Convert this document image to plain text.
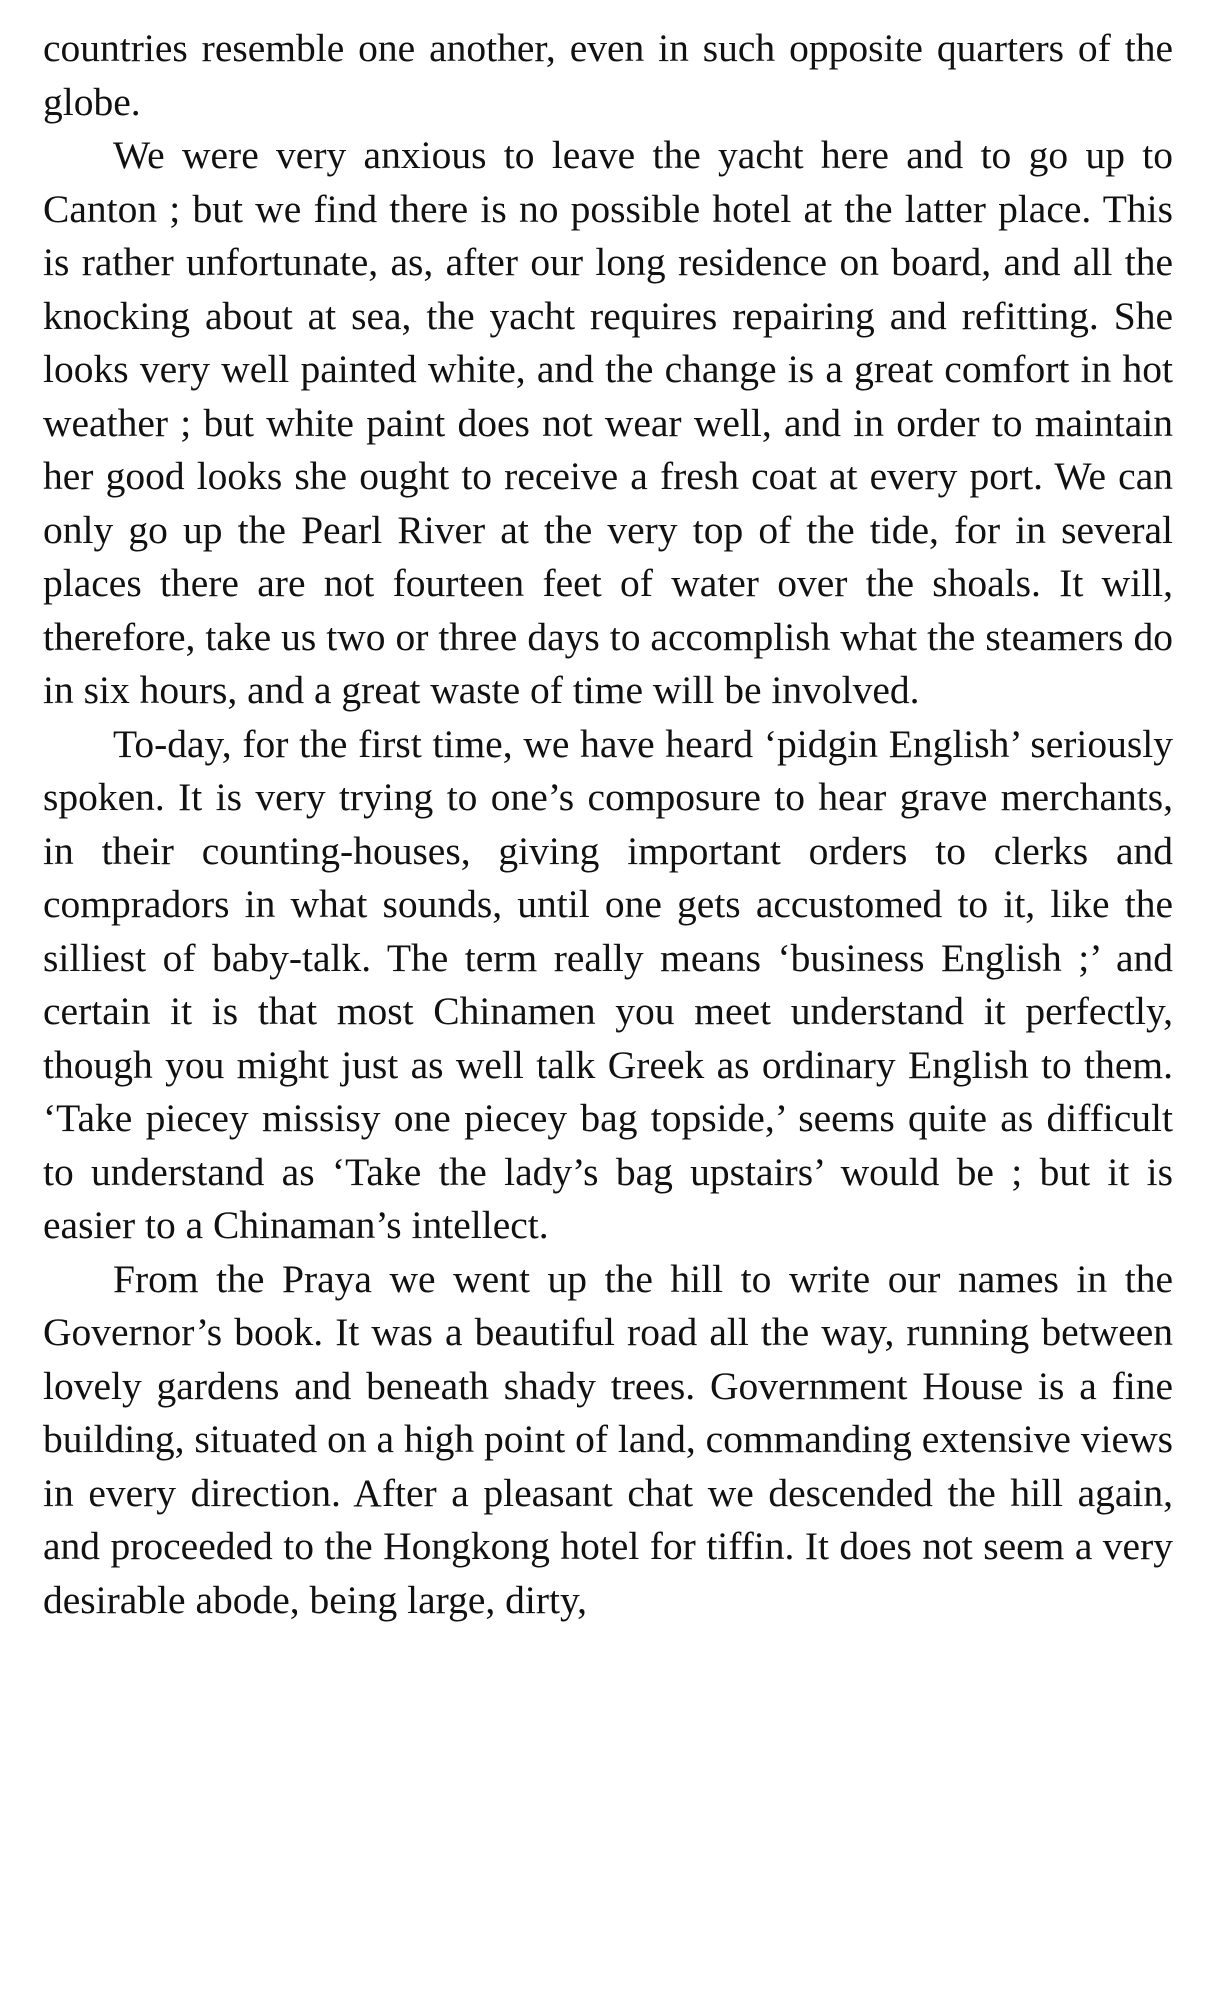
countries resemble one another, even in such opposite quarters of the globe.

We were very anxious to leave the yacht here and to go up to Canton ; but we find there is no possible hotel at the latter place. This is rather unfortunate, as, after our long residence on board, and all the knocking about at sea, the yacht requires repairing and refitting. She looks very well painted white, and the change is a great comfort in hot weather ; but white paint does not wear well, and in order to maintain her good looks she ought to receive a fresh coat at every port. We can only go up the Pearl River at the very top of the tide, for in several places there are not fourteen feet of water over the shoals. It will, therefore, take us two or three days to accomplish what the steamers do in six hours, and a great waste of time will be involved.

To-day, for the first time, we have heard ‘pidgin English’ seriously spoken. It is very trying to one’s composure to hear grave merchants, in their counting-houses, giving important orders to clerks and compradors in what sounds, until one gets accustomed to it, like the silliest of baby-talk. The term really means ‘business English ;’ and certain it is that most Chinamen you meet understand it perfectly, though you might just as well talk Greek as ordinary English to them. ‘Take piecey missisy one piecey bag topside,’ seems quite as difficult to understand as ‘Take the lady’s bag upstairs’ would be ; but it is easier to a Chinaman’s intellect.

From the Praya we went up the hill to write our names in the Governor’s book. It was a beautiful road all the way, running between lovely gardens and beneath shady trees. Government House is a fine building, situated on a high point of land, commanding extensive views in every direction. After a pleasant chat we descended the hill again, and proceeded to the Hongkong hotel for tiffin. It does not seem a very desirable abode, being large, dirty,
